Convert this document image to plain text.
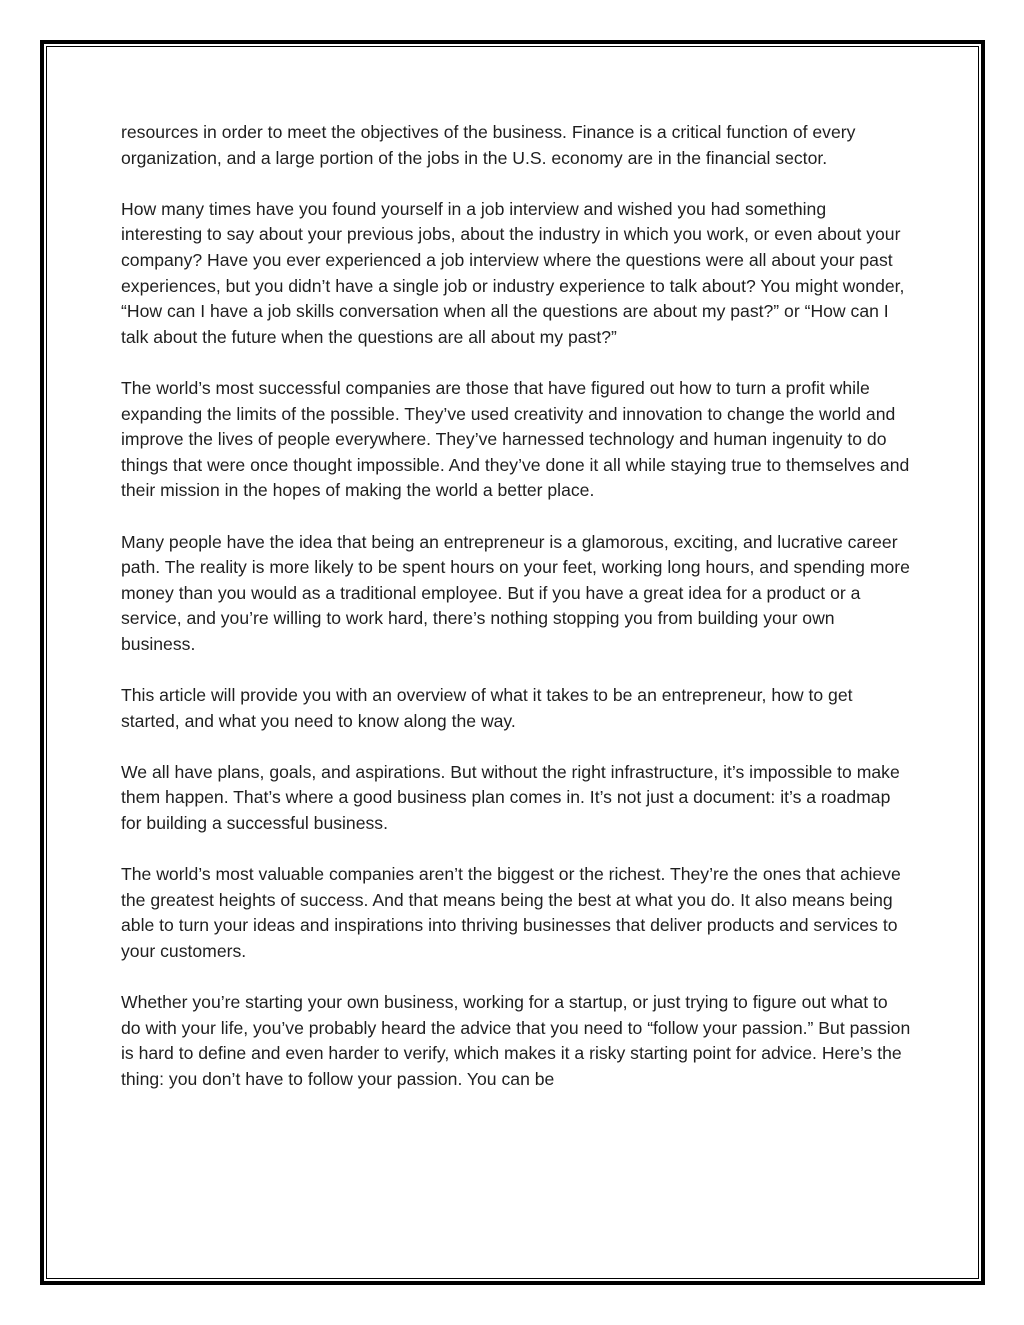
resources in order to meet the objectives of the business. Finance is a critical function of every organization, and a large portion of the jobs in the U.S. economy are in the financial sector.

How many times have you found yourself in a job interview and wished you had something interesting to say about your previous jobs, about the industry in which you work, or even about your company? Have you ever experienced a job interview where the questions were all about your past experiences, but you didn’t have a single job or industry experience to talk about? You might wonder, “How can I have a job skills conversation when all the questions are about my past?” or “How can I talk about the future when the questions are all about my past?”

The world’s most successful companies are those that have figured out how to turn a profit while expanding the limits of the possible. They’ve used creativity and innovation to change the world and improve the lives of people everywhere. They’ve harnessed technology and human ingenuity to do things that were once thought impossible. And they’ve done it all while staying true to themselves and their mission in the hopes of making the world a better place.

Many people have the idea that being an entrepreneur is a glamorous, exciting, and lucrative career path. The reality is more likely to be spent hours on your feet, working long hours, and spending more money than you would as a traditional employee. But if you have a great idea for a product or a service, and you’re willing to work hard, there’s nothing stopping you from building your own business.

This article will provide you with an overview of what it takes to be an entrepreneur, how to get started, and what you need to know along the way.

We all have plans, goals, and aspirations. But without the right infrastructure, it’s impossible to make them happen. That’s where a good business plan comes in. It’s not just a document: it’s a roadmap for building a successful business.

The world’s most valuable companies aren’t the biggest or the richest. They’re the ones that achieve the greatest heights of success. And that means being the best at what you do. It also means being able to turn your ideas and inspirations into thriving businesses that deliver products and services to your customers.

Whether you’re starting your own business, working for a startup, or just trying to figure out what to do with your life, you’ve probably heard the advice that you need to “follow your passion.” But passion is hard to define and even harder to verify, which makes it a risky starting point for advice. Here’s the thing: you don’t have to follow your passion. You can be
